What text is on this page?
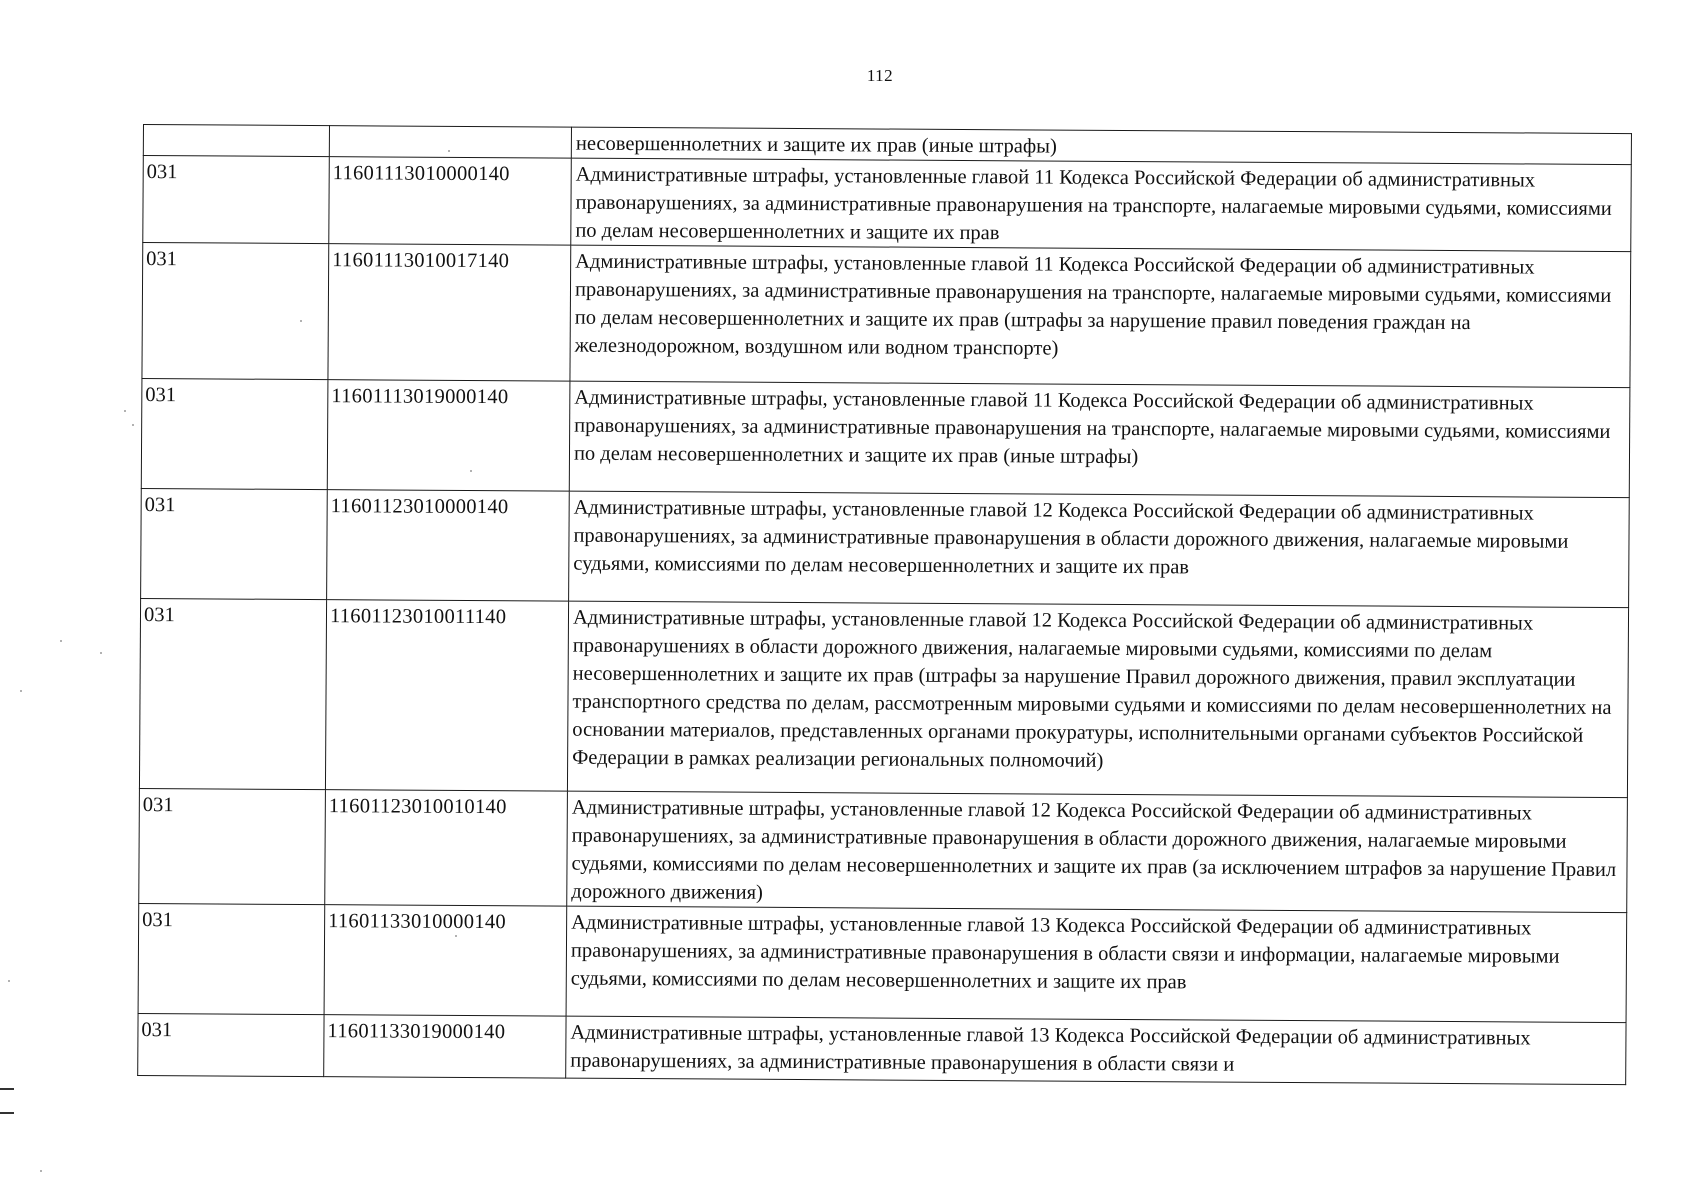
112
		несовершеннолетних и защите их прав (иные штрафы)
031	11601113010000140	Административные штрафы, установленные главой 11 Кодекса Российской Федерации об административных правонарушениях, за административные правонарушения на транспорте, налагаемые мировыми судьями, комиссиями по делам несовершеннолетних и защите их прав
031	11601113010017140	Административные штрафы, установленные главой 11 Кодекса Российской Федерации об административных правонарушениях, за административные правонарушения на транспорте, налагаемые мировыми судьями, комиссиями по делам несовершеннолетних и защите их прав (штрафы за нарушение правил поведения граждан на железнодорожном, воздушном или водном транспорте)
031	11601113019000140	Административные штрафы, установленные главой 11 Кодекса Российской Федерации об административных правонарушениях, за административные правонарушения на транспорте, налагаемые мировыми судьями, комиссиями по делам несовершеннолетних и защите их прав (иные штрафы)
031	11601123010000140	Административные штрафы, установленные главой 12 Кодекса Российской Федерации об административных правонарушениях, за административные правонарушения в области дорожного движения, налагаемые мировыми судьями, комиссиями по делам несовершеннолетних и защите их прав
031	11601123010011140	Административные штрафы, установленные главой 12 Кодекса Российской Федерации об административных правонарушениях в области дорожного движения, налагаемые мировыми судьями, комиссиями по делам несовершеннолетних и защите их прав (штрафы за нарушение Правил дорожного движения, правил эксплуатации транспортного средства по делам, рассмотренным мировыми судьями и комиссиями по делам несовершеннолетних на основании материалов, представленных органами прокуратуры, исполнительными органами субъектов Российской Федерации в рамках реализации региональных полномочий)
031	11601123010010140	Административные штрафы, установленные главой 12 Кодекса Российской Федерации об административных правонарушениях, за административные правонарушения в области дорожного движения, налагаемые мировыми судьями, комиссиями по делам несовершеннолетних и защите их прав (за исключением штрафов за нарушение Правил дорожного движения)
031	11601133010000140	Административные штрафы, установленные главой 13 Кодекса Российской Федерации об административных правонарушениях, за административные правонарушения в области связи и информации, налагаемые мировыми судьями, комиссиями по делам несовершеннолетних и защите их прав
031	11601133019000140	Административные штрафы, установленные главой 13 Кодекса Российской Федерации об административных правонарушениях, за административные правонарушения в области связи и
